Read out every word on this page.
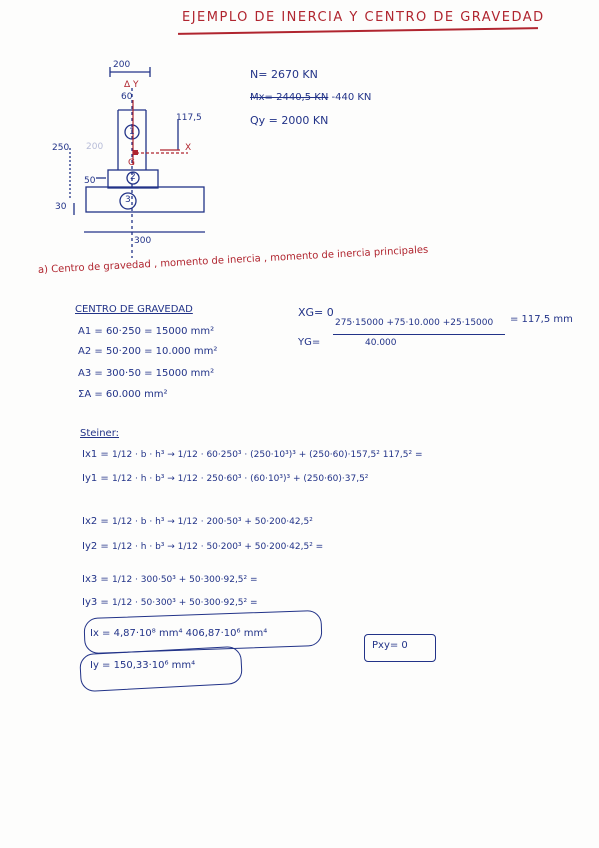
EJEMPLO DE INERCIA Y CENTRO DE GRAVEDAD
200
Δ Y
60
250 200
117,5
1
2
3
G
X
50
30
300
N= 2670 KN
Mx= 2440,5 KN -440 KN
Qy = 2000 KN
a) Centro de gravedad , momento de inercia , momento de inercia principales
CENTRO DE GRAVEDAD
A1 = 60·250 = 15000 mm²
A2 = 50·200 = 10.000 mm²
A3 = 300·50 = 15000 mm²
ΣA = 60.000 mm²
XG= 0
YG=
275·15000 +75·10.000 +25·15000
40.000
= 117,5 mm
Steiner:
Ix1 = 1/12 · b · h³ → 1/12 · 60·250³ · (250·10³)³ + (250·60)·157,5² 117,5² =
Iy1 = 1/12 · h · b³ → 1/12 · 250·60³ · (60·10³)³ + (250·60)·37,5²
Ix2 = 1/12 · b · h³ → 1/12 · 200·50³ + 50·200·42,5²
Iy2 = 1/12 · h · b³ → 1/12 · 50·200³ + 50·200·42,5² =
Ix3 = 1/12 · 300·50³ + 50·300·92,5² =
Iy3 = 1/12 · 50·300³ + 50·300·92,5² =
Ix = 4,87·10⁸ mm⁴ 406,87·10⁶ mm⁴
Iy = 150,33·10⁶ mm⁴
Pxy= 0
